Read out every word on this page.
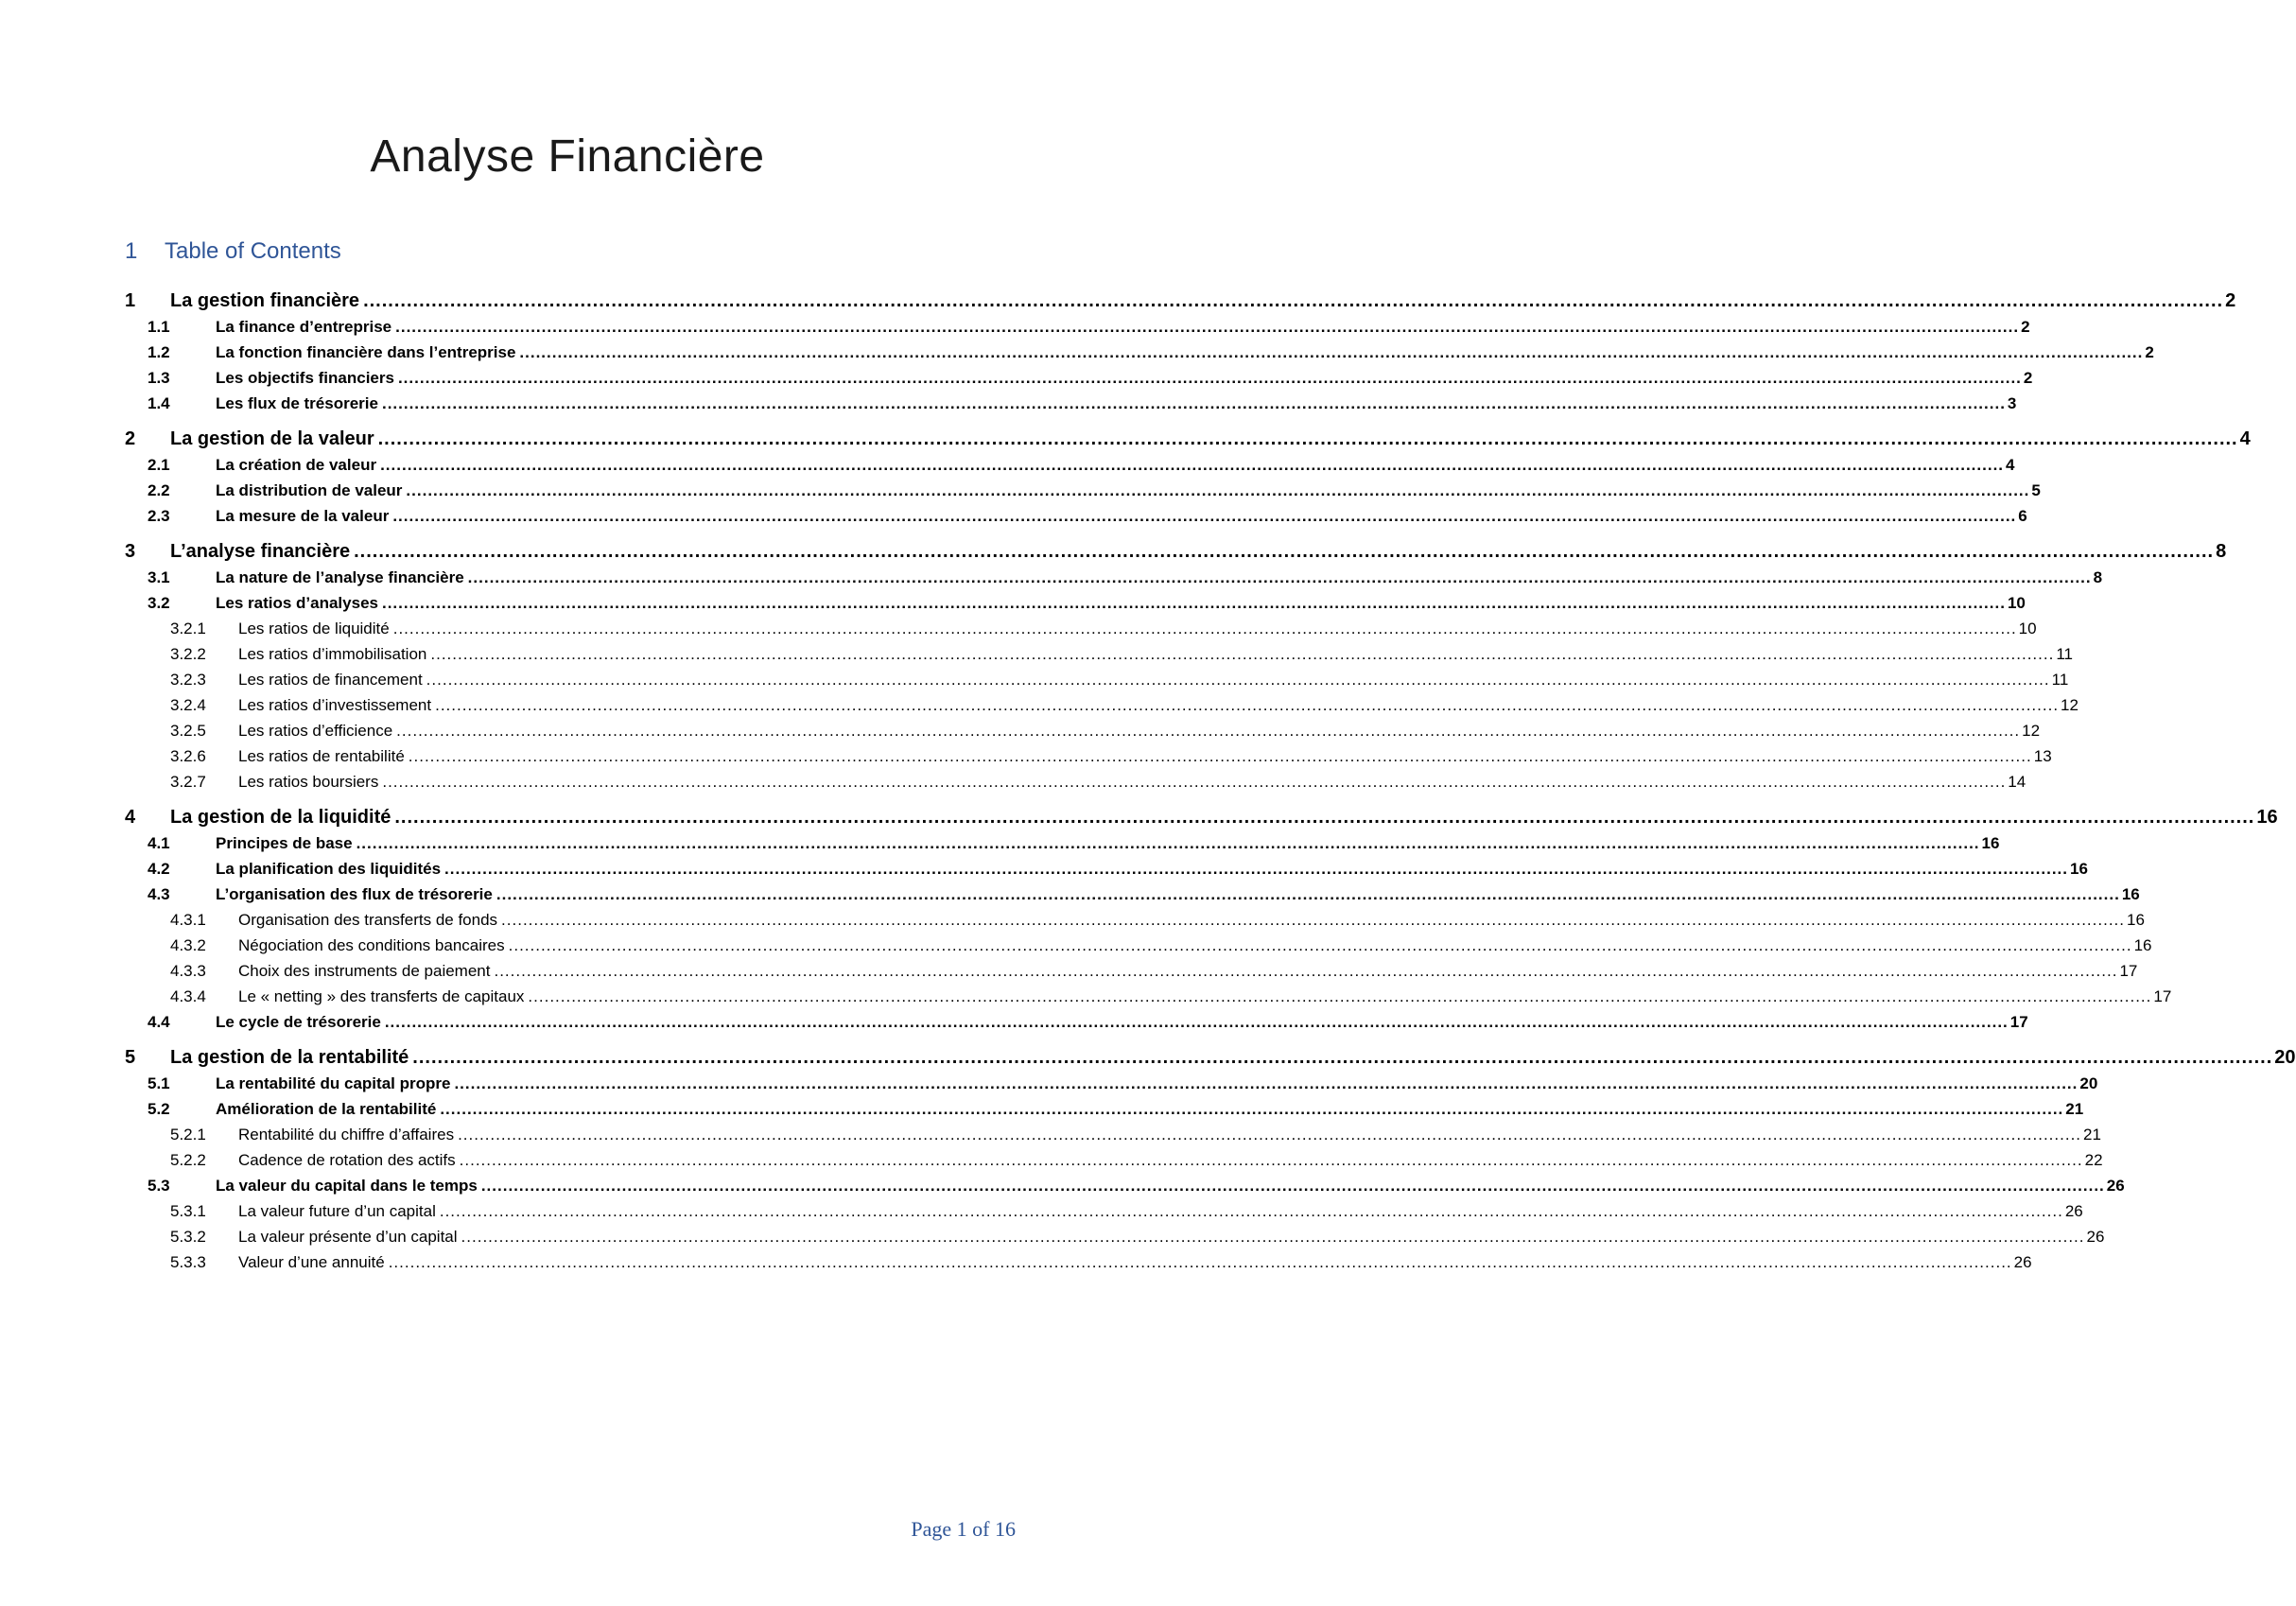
Analyse Financière
1 Table of Contents
1	La gestion financière ............................................................................................................................................................................................................................................................................................................ 2
1.1	La finance d’entreprise ............................................................................................................................................................................................................................................................................................................ 2
1.2	La fonction financière dans l’entreprise ............................................................................................................................................................................................................................................................................................................ 2
1.3	Les objectifs financiers ............................................................................................................................................................................................................................................................................................................ 2
1.4	Les flux de trésorerie ............................................................................................................................................................................................................................................................................................................ 3
2	La gestion de la valeur ............................................................................................................................................................................................................................................................................................................ 4
2.1	La création de valeur ............................................................................................................................................................................................................................................................................................................ 4
2.2	La distribution de valeur ............................................................................................................................................................................................................................................................................................................ 5
2.3	La mesure de la valeur ............................................................................................................................................................................................................................................................................................................ 6
3	L’analyse financière ............................................................................................................................................................................................................................................................................................................ 8
3.1	La nature de l’analyse financière ............................................................................................................................................................................................................................................................................................................ 8
3.2	Les ratios d’analyses ............................................................................................................................................................................................................................................................................................................ 10
3.2.1	Les ratios de liquidité ............................................................................................................................................................................................................................................................................................................ 10
3.2.2	Les ratios d’immobilisation ............................................................................................................................................................................................................................................................................................................ 11
3.2.3	Les ratios de financement ............................................................................................................................................................................................................................................................................................................ 11
3.2.4	Les ratios d’investissement ............................................................................................................................................................................................................................................................................................................ 12
3.2.5	Les ratios d’efficience ............................................................................................................................................................................................................................................................................................................ 12
3.2.6	Les ratios de rentabilité ............................................................................................................................................................................................................................................................................................................ 13
3.2.7	Les ratios boursiers ............................................................................................................................................................................................................................................................................................................ 14
4	La gestion de la liquidité ............................................................................................................................................................................................................................................................................................................ 16
4.1	Principes de base ............................................................................................................................................................................................................................................................................................................ 16
4.2	La planification des liquidités ............................................................................................................................................................................................................................................................................................................ 16
4.3	L’organisation des flux de trésorerie ............................................................................................................................................................................................................................................................................................................ 16
4.3.1	Organisation des transferts de fonds ............................................................................................................................................................................................................................................................................................................ 16
4.3.2	Négociation des conditions bancaires ............................................................................................................................................................................................................................................................................................................ 16
4.3.3	Choix des instruments de paiement ............................................................................................................................................................................................................................................................................................................ 17
4.3.4	Le « netting » des transferts de capitaux ............................................................................................................................................................................................................................................................................................................ 17
4.4	Le cycle de trésorerie ............................................................................................................................................................................................................................................................................................................ 17
5	La gestion de la rentabilité ............................................................................................................................................................................................................................................................................................................ 20
5.1	La rentabilité du capital propre ............................................................................................................................................................................................................................................................................................................ 20
5.2	Amélioration de la rentabilité ............................................................................................................................................................................................................................................................................................................ 21
5.2.1	Rentabilité du chiffre d’affaires ............................................................................................................................................................................................................................................................................................................ 21
5.2.2	Cadence de rotation des actifs ............................................................................................................................................................................................................................................................................................................ 22
5.3	La valeur du capital dans le temps ............................................................................................................................................................................................................................................................................................................ 26
5.3.1	La valeur future d’un capital ............................................................................................................................................................................................................................................................................................................ 26
5.3.2	La valeur présente d’un capital ............................................................................................................................................................................................................................................................................................................ 26
5.3.3	Valeur d’une annuité ............................................................................................................................................................................................................................................................................................................ 26
Page 1 of 16
